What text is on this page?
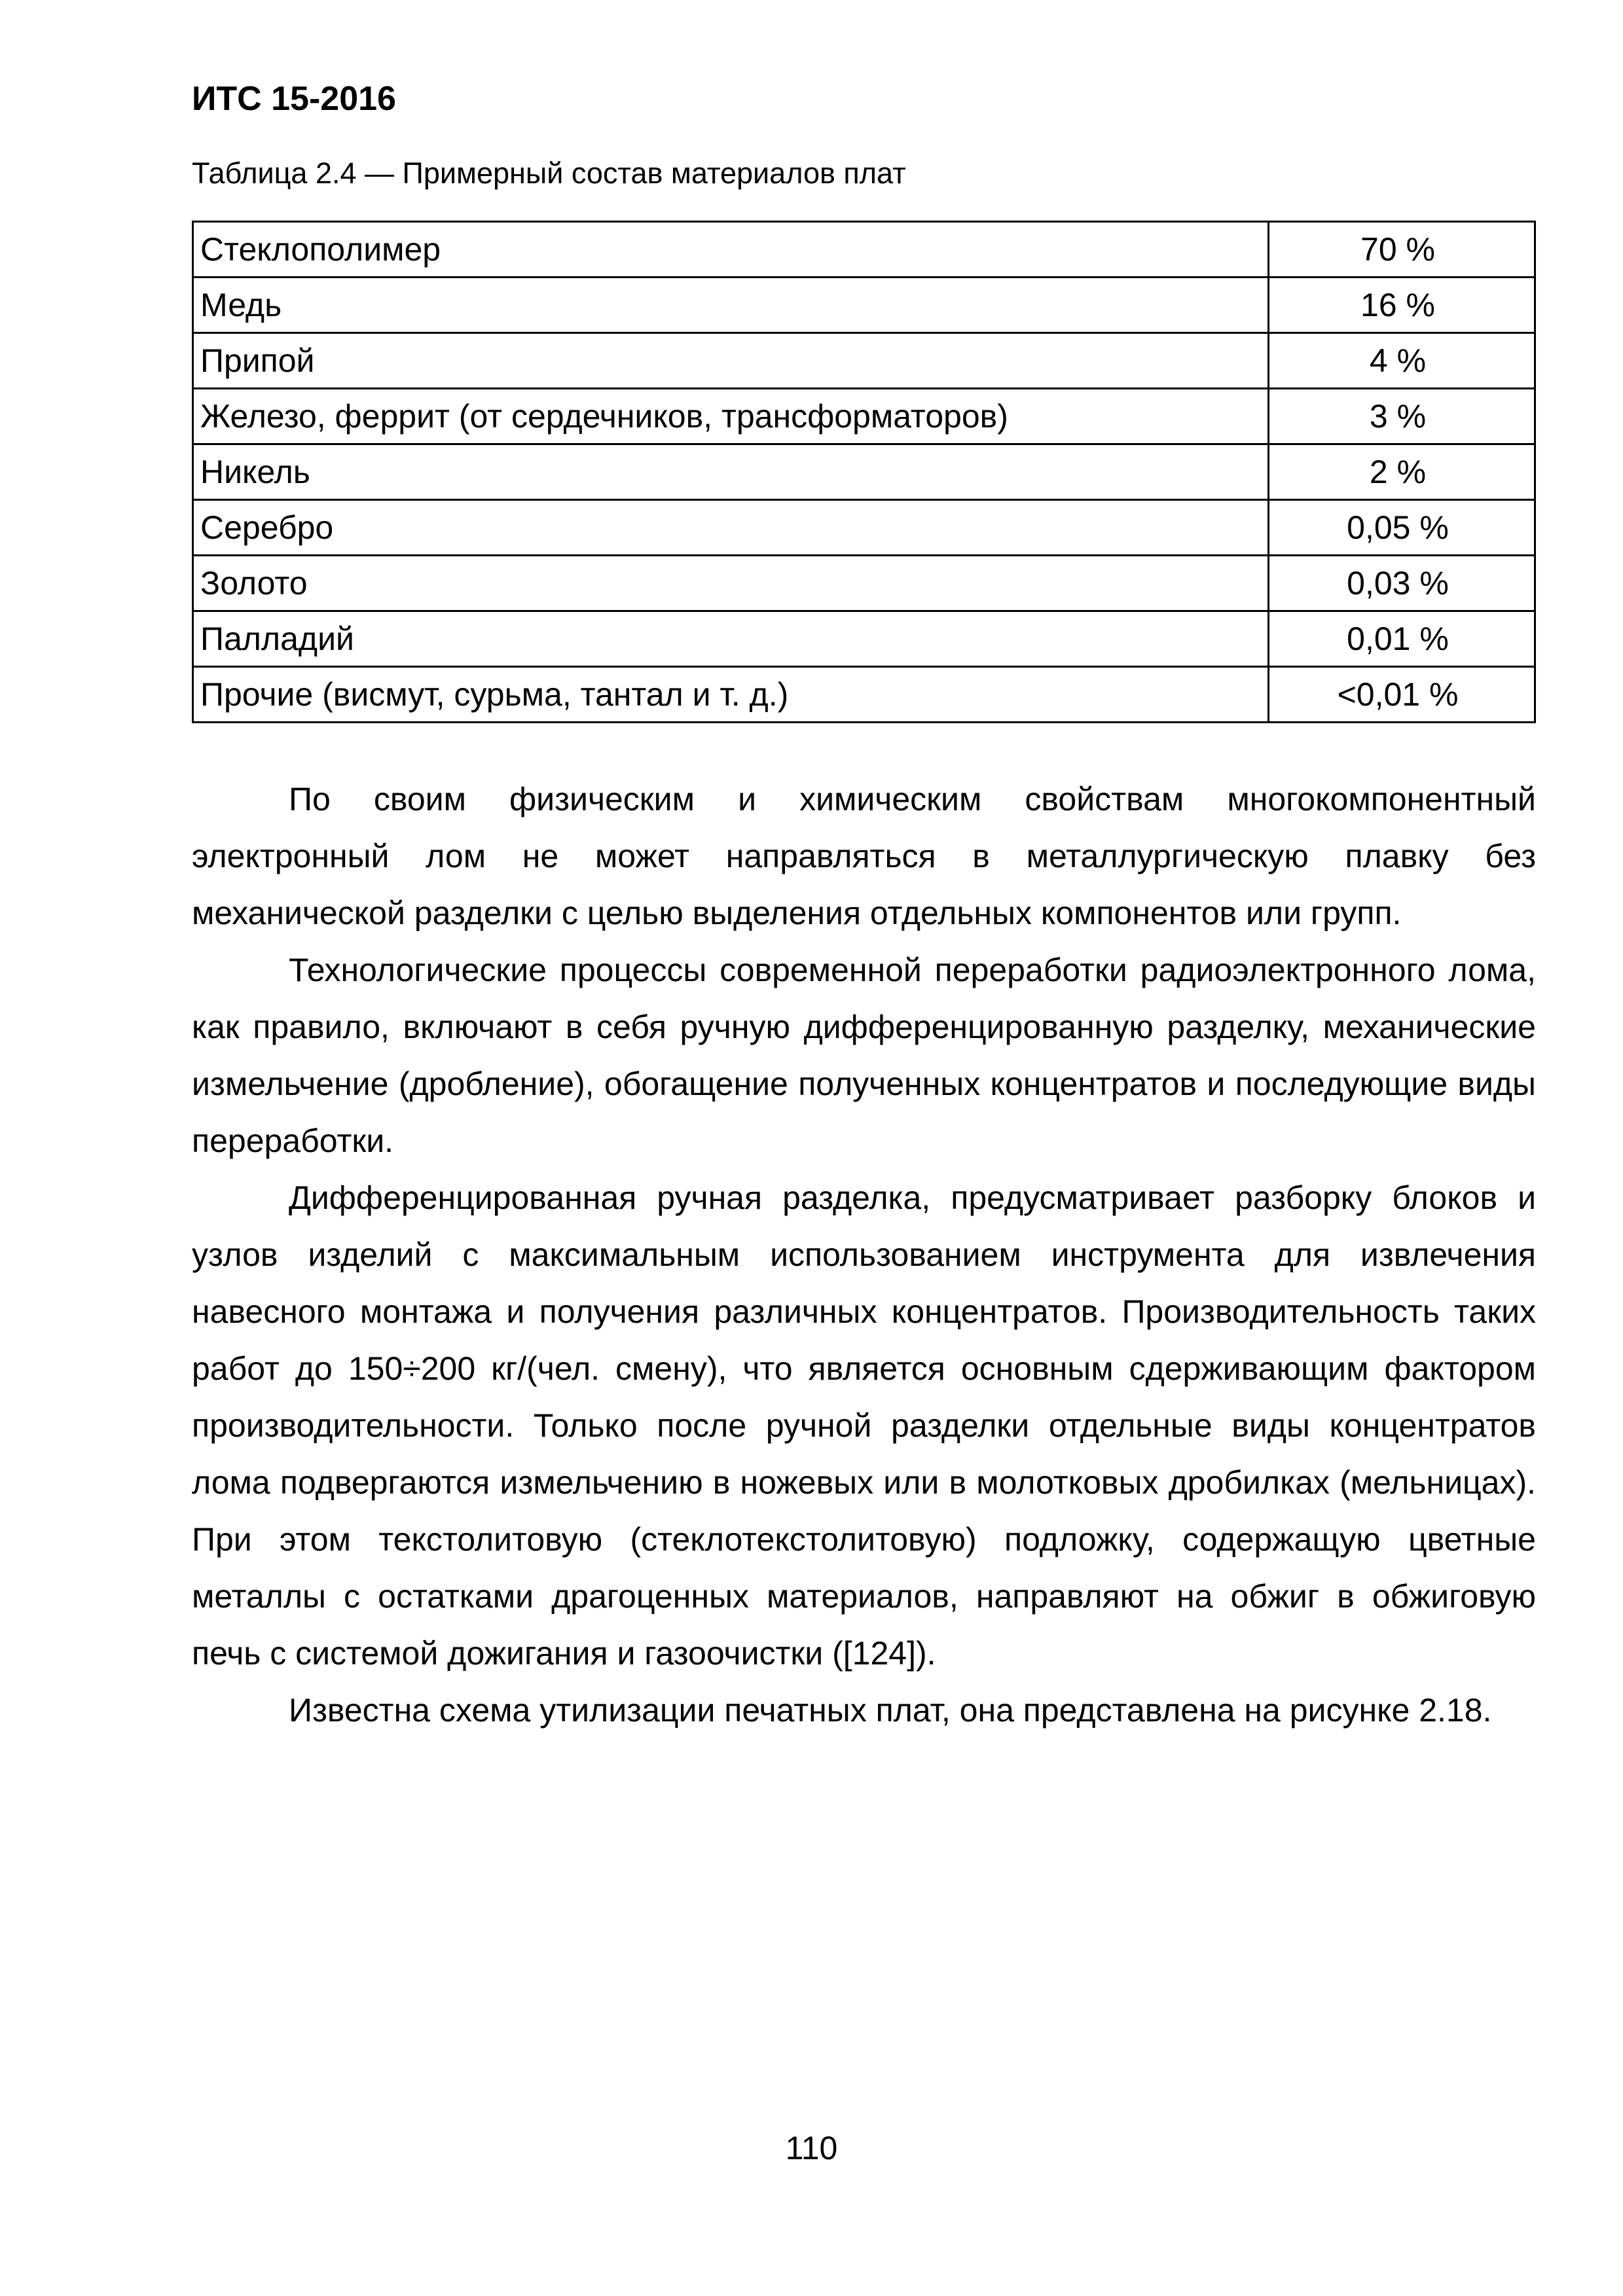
ИТС 15-2016

Таблица 2.4 — Примерный состав материалов плат

Стеклополимер	70 %
Медь	16 %
Припой	4 %
Железо, феррит (от сердечников, трансформаторов)	3 %
Никель	2 %
Серебро	0,05 %
Золото	0,03 %
Палладий	0,01 %
Прочие (висмут, сурьма, тантал и т. д.)	<0,01 %

По своим физическим и химическим свойствам многокомпонентный электронный лом не может направляться в металлургическую плавку без механической разделки с целью выделения отдельных компонентов или групп.

Технологические процессы современной переработки радиоэлектронного лома, как правило, включают в себя ручную дифференцированную разделку, механические измельчение (дробление), обогащение полученных концентратов и последующие виды переработки.

Дифференцированная ручная разделка, предусматривает разборку блоков и узлов изделий с максимальным использованием инструмента для извлечения навесного монтажа и получения различных концентратов. Производительность таких работ до 150÷200 кг/(чел. смену), что является основным сдерживающим фактором производительности. Только после ручной разделки отдельные виды концентратов лома подвергаются измельчению в ножевых или в молотковых дробилках (мельницах). При этом текстолитовую (стеклотекстолитовую) подложку, содержащую цветные металлы с остатками драгоценных материалов, направляют на обжиг в обжиговую печь с системой дожигания и газоочистки ([124]).

Известна схема утилизации печатных плат, она представлена на рисунке 2.18.

110
